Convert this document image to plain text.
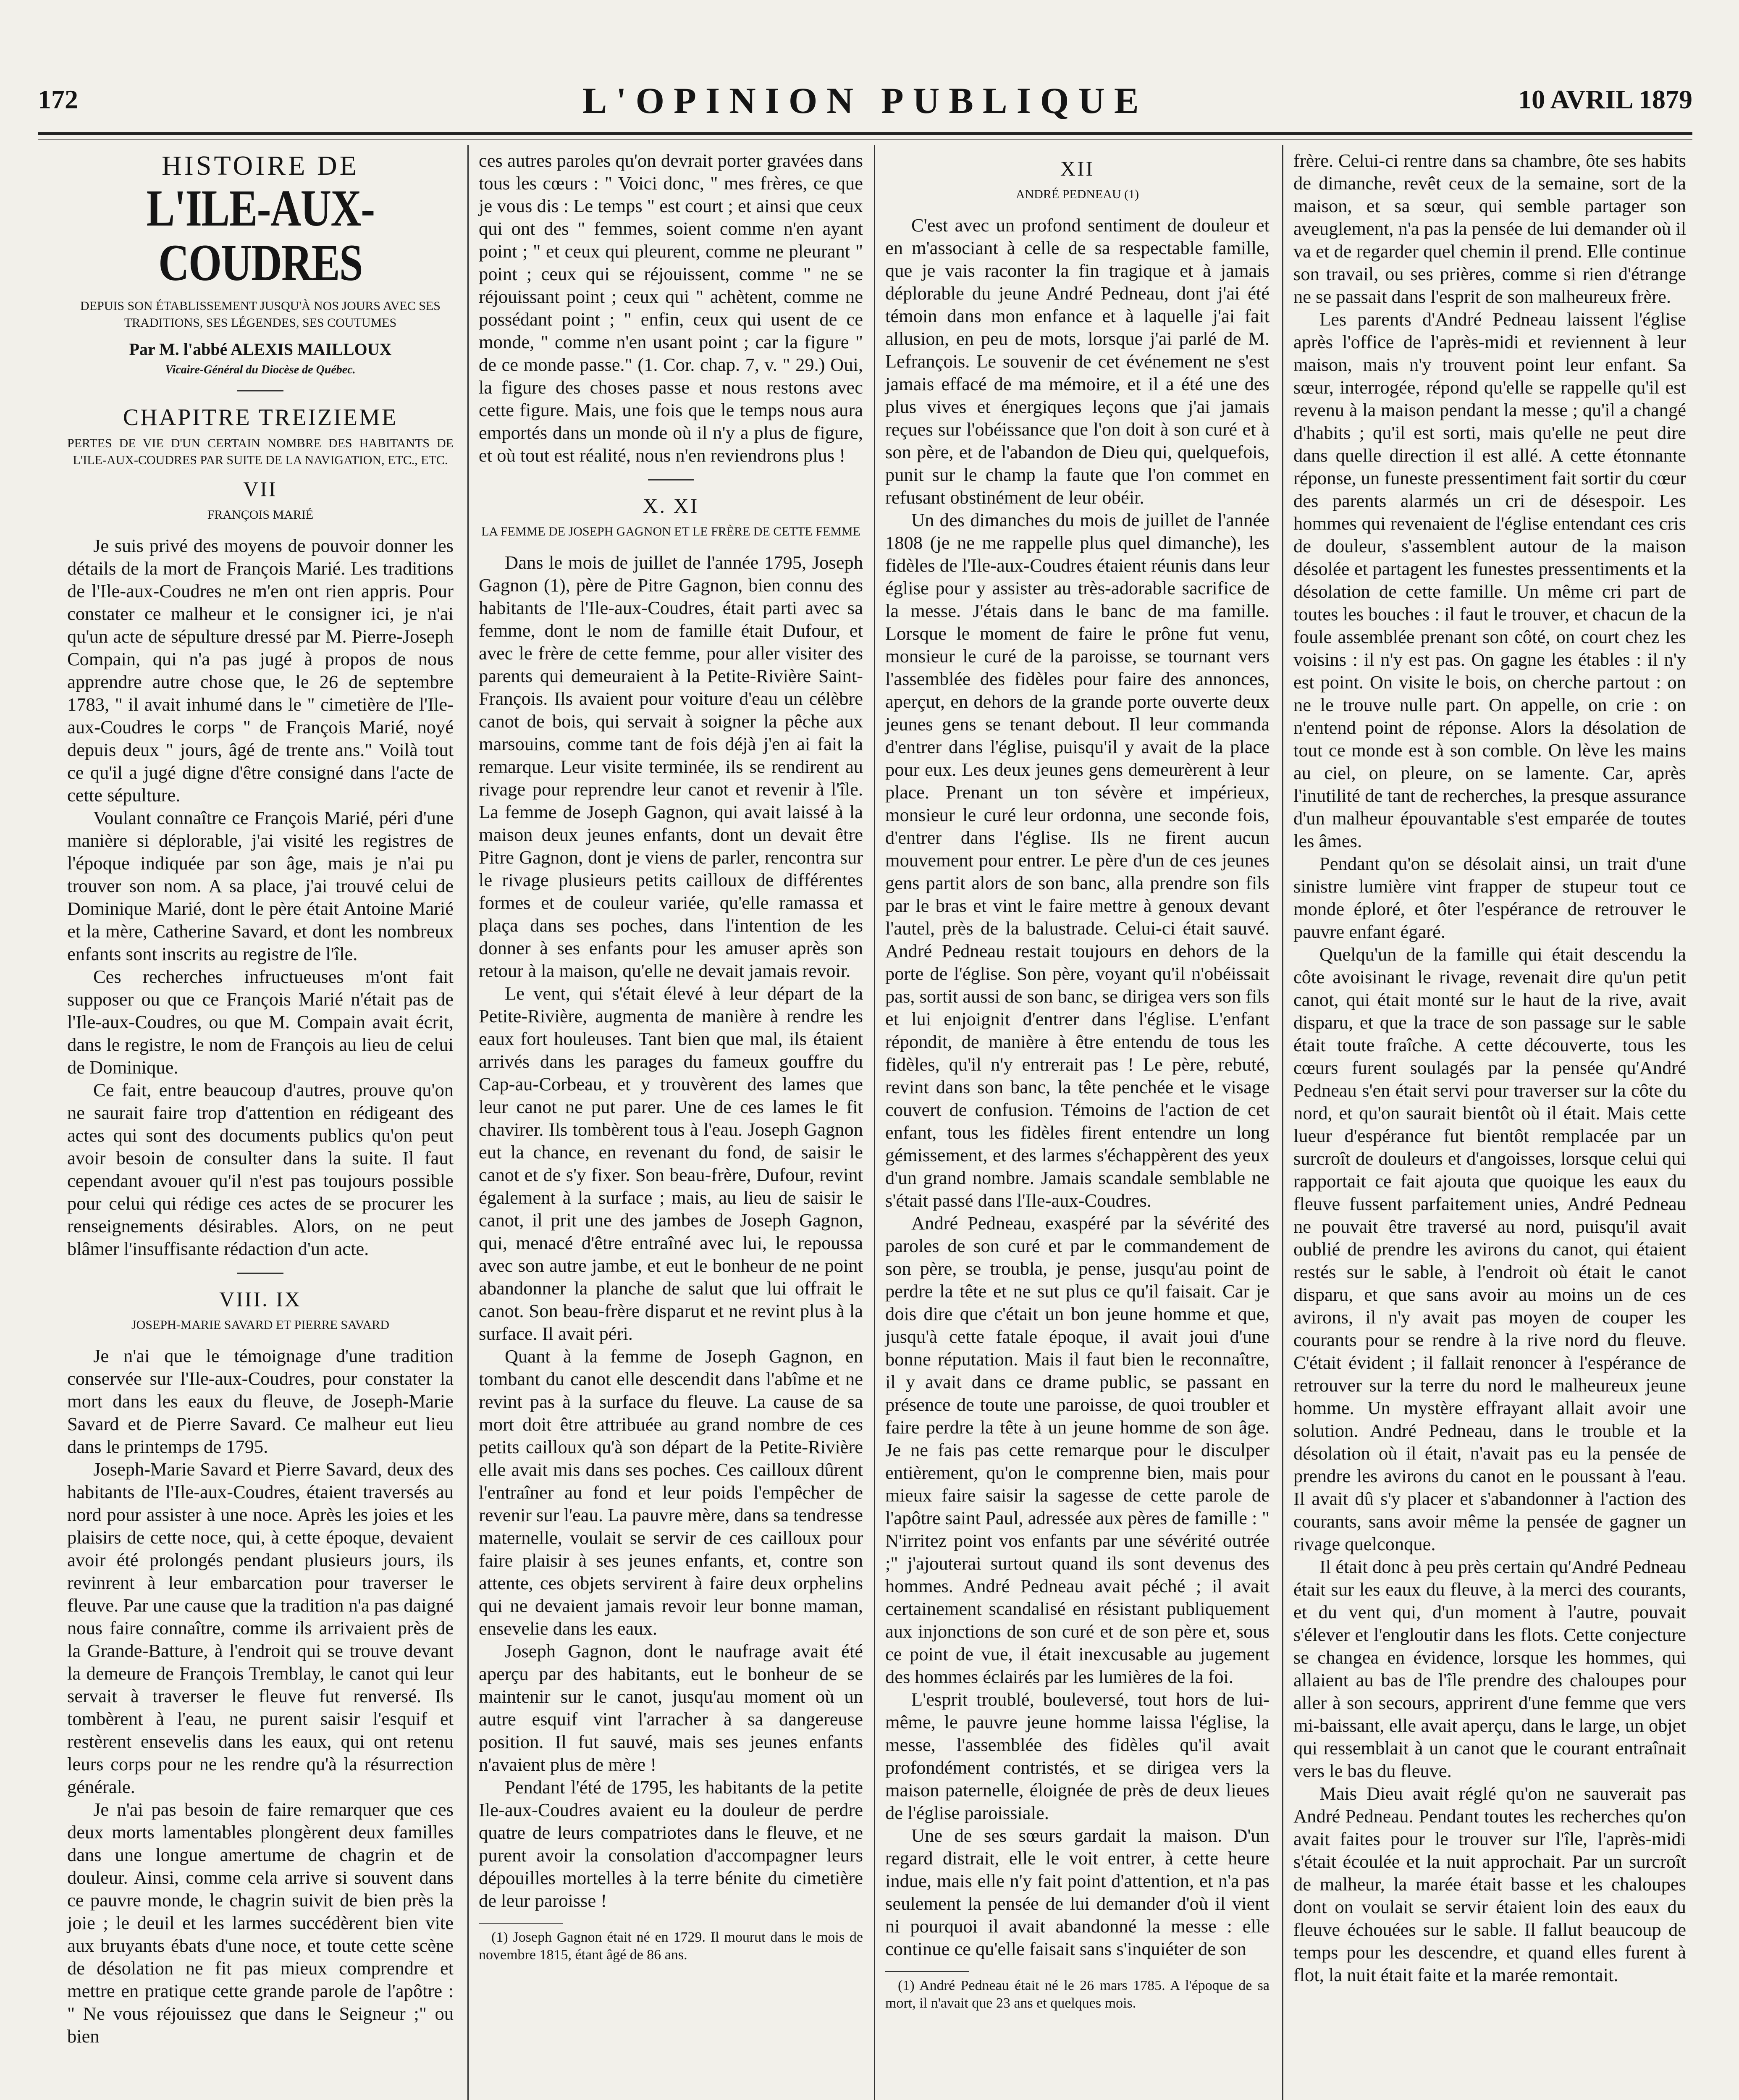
172	L'OPINION PUBLIQUE	10 AVRIL 1879
HISTOIRE DE
L'ILE-AUX-COUDRES
DEPUIS SON ÉTABLISSEMENT JUSQU'À NOS JOURS AVEC SES TRADITIONS, SES LÉGENDES, SES COUTUMES
Par M. l'abbé ALEXIS MAILLOUX
Vicaire-Général du Diocèse de Québec.
CHAPITRE TREIZIEME
PERTES DE VIE D'UN CERTAIN NOMBRE DES HABITANTS DE L'ILE-AUX-COUDRES PAR SUITE DE LA NAVIGATION, ETC., ETC.
VII
FRANÇOIS MARIÉ

Je suis privé des moyens de pouvoir donner les détails de la mort de François Marié. Les traditions de l'Ile-aux-Coudres ne m'en ont rien appris. Pour constater ce malheur et le consigner ici, je n'ai qu'un acte de sépulture dressé par M. Pierre-Joseph Compain, qui n'a pas jugé à propos de nous apprendre autre chose que, le 26 de septembre 1783, " il avait inhumé dans le " cimetière de l'Ile-aux-Coudres le corps " de François Marié, noyé depuis deux " jours, âgé de trente ans." Voilà tout ce qu'il a jugé digne d'être consigné dans l'acte de cette sépulture.

Voulant connaître ce François Marié, péri d'une manière si déplorable, j'ai visité les registres de l'époque indiquée par son âge, mais je n'ai pu trouver son nom. A sa place, j'ai trouvé celui de Dominique Marié, dont le père était Antoine Marié et la mère, Catherine Savard, et dont les nombreux enfants sont inscrits au registre de l'île.

Ces recherches infructueuses m'ont fait supposer ou que ce François Marié n'était pas de l'Ile-aux-Coudres, ou que M. Compain avait écrit, dans le registre, le nom de François au lieu de celui de Dominique.

Ce fait, entre beaucoup d'autres, prouve qu'on ne saurait faire trop d'attention en rédigeant des actes qui sont des documents publics qu'on peut avoir besoin de consulter dans la suite. Il faut cependant avouer qu'il n'est pas toujours possible pour celui qui rédige ces actes de se procurer les renseignements désirables. Alors, on ne peut blâmer l'insuffisante rédaction d'un acte.

VIII. IX
JOSEPH-MARIE SAVARD ET PIERRE SAVARD

Je n'ai que le témoignage d'une tradition conservée sur l'Ile-aux-Coudres, pour constater la mort dans les eaux du fleuve, de Joseph-Marie Savard et de Pierre Savard. Ce malheur eut lieu dans le printemps de 1795.

Joseph-Marie Savard et Pierre Savard, deux des habitants de l'Ile-aux-Coudres, étaient traversés au nord pour assister à une noce. Après les joies et les plaisirs de cette noce, qui, à cette époque, devaient avoir été prolongés pendant plusieurs jours, ils revinrent à leur embarcation pour traverser le fleuve. Par une cause que la tradition n'a pas daigné nous faire connaître, comme ils arrivaient près de la Grande-Batture, à l'endroit qui se trouve devant la demeure de François Tremblay, le canot qui leur servait à traverser le fleuve fut renversé. Ils tombèrent à l'eau, ne purent saisir l'esquif et restèrent ensevelis dans les eaux, qui ont retenu leurs corps pour ne les rendre qu'à la résurrection générale.

Je n'ai pas besoin de faire remarquer que ces deux morts lamentables plongèrent deux familles dans une longue amertume de chagrin et de douleur. Ainsi, comme cela arrive si souvent dans ce pauvre monde, le chagrin suivit de bien près la joie ; le deuil et les larmes succédèrent bien vite aux bruyants ébats d'une noce, et toute cette scène de désolation ne fit pas mieux comprendre et mettre en pratique cette grande parole de l'apôtre : " Ne vous réjouissez que dans le Seigneur ;" ou bien

ces autres paroles qu'on devrait porter gravées dans tous les cœurs : " Voici donc, " mes frères, ce que je vous dis : Le temps " est court ; et ainsi que ceux qui ont des " femmes, soient comme n'en ayant point ; " et ceux qui pleurent, comme ne pleurant " point ; ceux qui se réjouissent, comme " ne se réjouissant point ; ceux qui " achètent, comme ne possédant point ; " enfin, ceux qui usent de ce monde, " comme n'en usant point ; car la figure " de ce monde passe." (1. Cor. chap. 7, v. " 29.) Oui, la figure des choses passe et nous restons avec cette figure. Mais, une fois que le temps nous aura emportés dans un monde où il n'y a plus de figure, et où tout est réalité, nous n'en reviendrons plus !

X. XI
LA FEMME DE JOSEPH GAGNON ET LE FRÈRE DE CETTE FEMME

Dans le mois de juillet de l'année 1795, Joseph Gagnon (1), père de Pitre Gagnon, bien connu des habitants de l'Ile-aux-Coudres, était parti avec sa femme, dont le nom de famille était Dufour, et avec le frère de cette femme, pour aller visiter des parents qui demeuraient à la Petite-Rivière Saint-François. Ils avaient pour voiture d'eau un célèbre canot de bois, qui servait à soigner la pêche aux marsouins, comme tant de fois déjà j'en ai fait la remarque. Leur visite terminée, ils se rendirent au rivage pour reprendre leur canot et revenir à l'île. La femme de Joseph Gagnon, qui avait laissé à la maison deux jeunes enfants, dont un devait être Pitre Gagnon, dont je viens de parler, rencontra sur le rivage plusieurs petits cailloux de différentes formes et de couleur variée, qu'elle ramassa et plaça dans ses poches, dans l'intention de les donner à ses enfants pour les amuser après son retour à la maison, qu'elle ne devait jamais revoir.

Le vent, qui s'était élevé à leur départ de la Petite-Rivière, augmenta de manière à rendre les eaux fort houleuses. Tant bien que mal, ils étaient arrivés dans les parages du fameux gouffre du Cap-au-Corbeau, et y trouvèrent des lames que leur canot ne put parer. Une de ces lames le fit chavirer. Ils tombèrent tous à l'eau. Joseph Gagnon eut la chance, en revenant du fond, de saisir le canot et de s'y fixer. Son beau-frère, Dufour, revint également à la surface ; mais, au lieu de saisir le canot, il prit une des jambes de Joseph Gagnon, qui, menacé d'être entraîné avec lui, le repoussa avec son autre jambe, et eut le bonheur de ne point abandonner la planche de salut que lui offrait le canot. Son beau-frère disparut et ne revint plus à la surface. Il avait péri.

Quant à la femme de Joseph Gagnon, en tombant du canot elle descendit dans l'abîme et ne revint pas à la surface du fleuve. La cause de sa mort doit être attribuée au grand nombre de ces petits cailloux qu'à son départ de la Petite-Rivière elle avait mis dans ses poches. Ces cailloux dûrent l'entraîner au fond et leur poids l'empêcher de revenir sur l'eau. La pauvre mère, dans sa tendresse maternelle, voulait se servir de ces cailloux pour faire plaisir à ses jeunes enfants, et, contre son attente, ces objets servirent à faire deux orphelins qui ne devaient jamais revoir leur bonne maman, ensevelie dans les eaux.

Joseph Gagnon, dont le naufrage avait été aperçu par des habitants, eut le bonheur de se maintenir sur le canot, jusqu'au moment où un autre esquif vint l'arracher à sa dangereuse position. Il fut sauvé, mais ses jeunes enfants n'avaient plus de mère !

Pendant l'été de 1795, les habitants de la petite Ile-aux-Coudres avaient eu la douleur de perdre quatre de leurs compatriotes dans le fleuve, et ne purent avoir la consolation d'accompagner leurs dépouilles mortelles à la terre bénite du cimetière de leur paroisse !

(1) Joseph Gagnon était né en 1729. Il mourut dans le mois de novembre 1815, étant âgé de 86 ans.

XII
ANDRÉ PEDNEAU (1)

C'est avec un profond sentiment de douleur et en m'associant à celle de sa respectable famille, que je vais raconter la fin tragique et à jamais déplorable du jeune André Pedneau, dont j'ai été témoin dans mon enfance et à laquelle j'ai fait allusion, en peu de mots, lorsque j'ai parlé de M. Lefrançois. Le souvenir de cet événement ne s'est jamais effacé de ma mémoire, et il a été une des plus vives et énergiques leçons que j'ai jamais reçues sur l'obéissance que l'on doit à son curé et à son père, et de l'abandon de Dieu qui, quelquefois, punit sur le champ la faute que l'on commet en refusant obstinément de leur obéir.

Un des dimanches du mois de juillet de l'année 1808 (je ne me rappelle plus quel dimanche), les fidèles de l'Ile-aux-Coudres étaient réunis dans leur église pour y assister au très-adorable sacrifice de la messe. J'étais dans le banc de ma famille. Lorsque le moment de faire le prône fut venu, monsieur le curé de la paroisse, se tournant vers l'assemblée des fidèles pour faire des annonces, aperçut, en dehors de la grande porte ouverte deux jeunes gens se tenant debout. Il leur commanda d'entrer dans l'église, puisqu'il y avait de la place pour eux. Les deux jeunes gens demeurèrent à leur place. Prenant un ton sévère et impérieux, monsieur le curé leur ordonna, une seconde fois, d'entrer dans l'église. Ils ne firent aucun mouvement pour entrer. Le père d'un de ces jeunes gens partit alors de son banc, alla prendre son fils par le bras et vint le faire mettre à genoux devant l'autel, près de la balustrade. Celui-ci était sauvé. André Pedneau restait toujours en dehors de la porte de l'église. Son père, voyant qu'il n'obéissait pas, sortit aussi de son banc, se dirigea vers son fils et lui enjoignit d'entrer dans l'église. L'enfant répondit, de manière à être entendu de tous les fidèles, qu'il n'y entrerait pas ! Le père, rebuté, revint dans son banc, la tête penchée et le visage couvert de confusion. Témoins de l'action de cet enfant, tous les fidèles firent entendre un long gémissement, et des larmes s'échappèrent des yeux d'un grand nombre. Jamais scandale semblable ne s'était passé dans l'Ile-aux-Coudres.

André Pedneau, exaspéré par la sévérité des paroles de son curé et par le commandement de son père, se troubla, je pense, jusqu'au point de perdre la tête et ne sut plus ce qu'il faisait. Car je dois dire que c'était un bon jeune homme et que, jusqu'à cette fatale époque, il avait joui d'une bonne réputation. Mais il faut bien le reconnaître, il y avait dans ce drame public, se passant en présence de toute une paroisse, de quoi troubler et faire perdre la tête à un jeune homme de son âge. Je ne fais pas cette remarque pour le disculper entièrement, qu'on le comprenne bien, mais pour mieux faire saisir la sagesse de cette parole de l'apôtre saint Paul, adressée aux pères de famille : " N'irritez point vos enfants par une sévérité outrée ;" j'ajouterai surtout quand ils sont devenus des hommes. André Pedneau avait péché ; il avait certainement scandalisé en résistant publiquement aux injonctions de son curé et de son père et, sous ce point de vue, il était inexcusable au jugement des hommes éclairés par les lumières de la foi.

L'esprit troublé, bouleversé, tout hors de lui-même, le pauvre jeune homme laissa l'église, la messe, l'assemblée des fidèles qu'il avait profondément contristés, et se dirigea vers la maison paternelle, éloignée de près de deux lieues de l'église paroissiale.

Une de ses sœurs gardait la maison. D'un regard distrait, elle le voit entrer, à cette heure indue, mais elle n'y fait point d'attention, et n'a pas seulement la pensée de lui demander d'où il vient ni pourquoi il avait abandonné la messe : elle continue ce qu'elle faisait sans s'inquiéter de son

(1) André Pedneau était né le 26 mars 1785. A l'époque de sa mort, il n'avait que 23 ans et quelques mois.

frère. Celui-ci rentre dans sa chambre, ôte ses habits de dimanche, revêt ceux de la semaine, sort de la maison, et sa sœur, qui semble partager son aveuglement, n'a pas la pensée de lui demander où il va et de regarder quel chemin il prend. Elle continue son travail, ou ses prières, comme si rien d'étrange ne se passait dans l'esprit de son malheureux frère.

Les parents d'André Pedneau laissent l'église après l'office de l'après-midi et reviennent à leur maison, mais n'y trouvent point leur enfant. Sa sœur, interrogée, répond qu'elle se rappelle qu'il est revenu à la maison pendant la messe ; qu'il a changé d'habits ; qu'il est sorti, mais qu'elle ne peut dire dans quelle direction il est allé. A cette étonnante réponse, un funeste pressentiment fait sortir du cœur des parents alarmés un cri de désespoir. Les hommes qui revenaient de l'église entendant ces cris de douleur, s'assemblent autour de la maison désolée et partagent les funestes pressentiments et la désolation de cette famille. Un même cri part de toutes les bouches : il faut le trouver, et chacun de la foule assemblée prenant son côté, on court chez les voisins : il n'y est pas. On gagne les étables : il n'y est point. On visite le bois, on cherche partout : on ne le trouve nulle part. On appelle, on crie : on n'entend point de réponse. Alors la désolation de tout ce monde est à son comble. On lève les mains au ciel, on pleure, on se lamente. Car, après l'inutilité de tant de recherches, la presque assurance d'un malheur épouvantable s'est emparée de toutes les âmes.

Pendant qu'on se désolait ainsi, un trait d'une sinistre lumière vint frapper de stupeur tout ce monde éploré, et ôter l'espérance de retrouver le pauvre enfant égaré.

Quelqu'un de la famille qui était descendu la côte avoisinant le rivage, revenait dire qu'un petit canot, qui était monté sur le haut de la rive, avait disparu, et que la trace de son passage sur le sable était toute fraîche. A cette découverte, tous les cœurs furent soulagés par la pensée qu'André Pedneau s'en était servi pour traverser sur la côte du nord, et qu'on saurait bientôt où il était. Mais cette lueur d'espérance fut bientôt remplacée par un surcroît de douleurs et d'angoisses, lorsque celui qui rapportait ce fait ajouta que quoique les eaux du fleuve fussent parfaitement unies, André Pedneau ne pouvait être traversé au nord, puisqu'il avait oublié de prendre les avirons du canot, qui étaient restés sur le sable, à l'endroit où était le canot disparu, et que sans avoir au moins un de ces avirons, il n'y avait pas moyen de couper les courants pour se rendre à la rive nord du fleuve. C'était évident ; il fallait renoncer à l'espérance de retrouver sur la terre du nord le malheureux jeune homme. Un mystère effrayant allait avoir une solution. André Pedneau, dans le trouble et la désolation où il était, n'avait pas eu la pensée de prendre les avirons du canot en le poussant à l'eau. Il avait dû s'y placer et s'abandonner à l'action des courants, sans avoir même la pensée de gagner un rivage quelconque.

Il était donc à peu près certain qu'André Pedneau était sur les eaux du fleuve, à la merci des courants, et du vent qui, d'un moment à l'autre, pouvait s'élever et l'engloutir dans les flots. Cette conjecture se changea en évidence, lorsque les hommes, qui allaient au bas de l'île prendre des chaloupes pour aller à son secours, apprirent d'une femme que vers mi-baissant, elle avait aperçu, dans le large, un objet qui ressemblait à un canot que le courant entraînait vers le bas du fleuve.

Mais Dieu avait réglé qu'on ne sauverait pas André Pedneau. Pendant toutes les recherches qu'on avait faites pour le trouver sur l'île, l'après-midi s'était écoulée et la nuit approchait. Par un surcroît de malheur, la marée était basse et les chaloupes dont on voulait se servir étaient loin des eaux du fleuve échouées sur le sable. Il fallut beaucoup de temps pour les descendre, et quand elles furent à flot, la nuit était faite et la marée remontait.
